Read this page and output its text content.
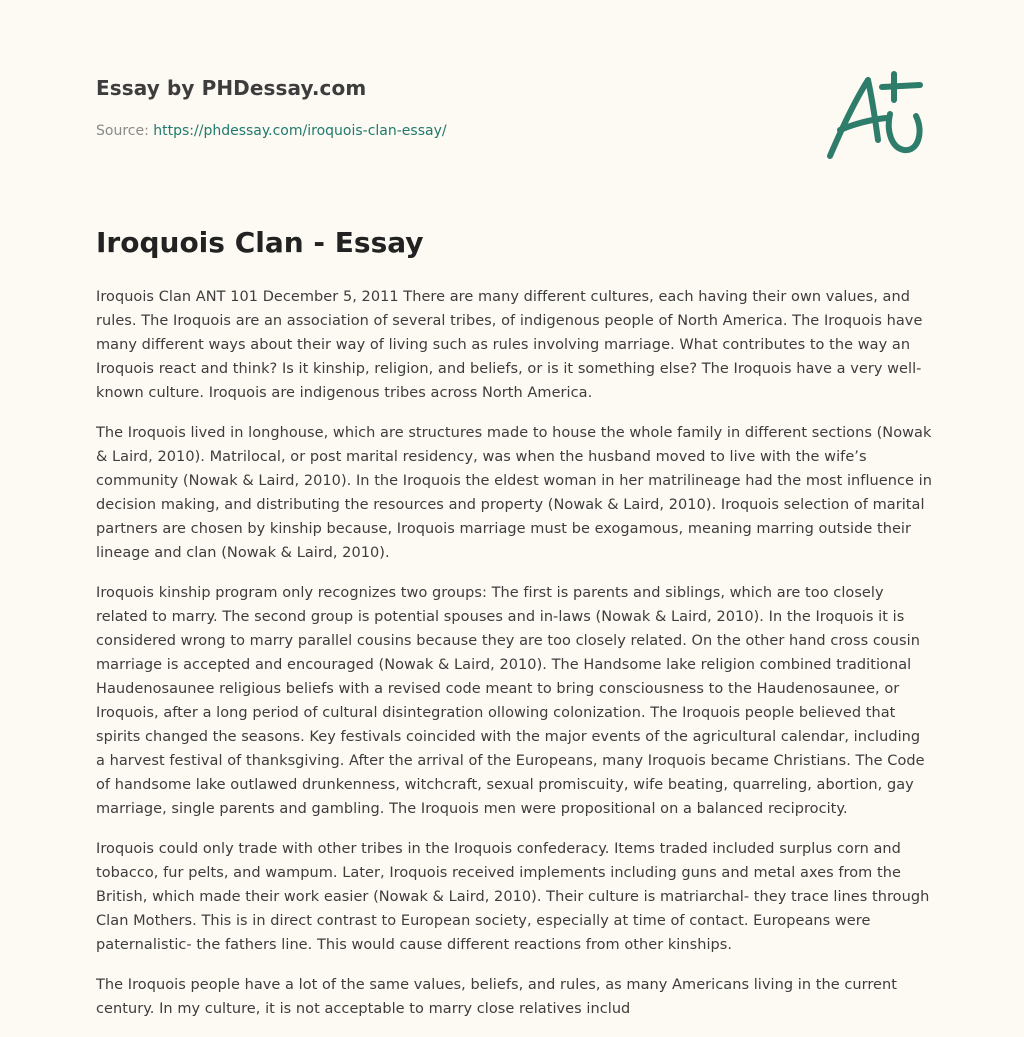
Essay by PHDessay.com
Source: https://phdessay.com/iroquois-clan-essay/
Iroquois Clan - Essay

Iroquois Clan ANT 101 December 5, 2011 There are many different cultures, each having their own values, and rules. The Iroquois are an association of several tribes, of indigenous people of North America. The Iroquois have many different ways about their way of living such as rules involving marriage. What contributes to the way an Iroquois react and think? Is it kinship, religion, and beliefs, or is it something else? The Iroquois have a very well-known culture. Iroquois are indigenous tribes across North America.

The Iroquois lived in longhouse, which are structures made to house the whole family in different sections (Nowak & Laird, 2010). Matrilocal, or post marital residency, was when the husband moved to live with the wife’s community (Nowak & Laird, 2010). In the Iroquois the eldest woman in her matrilineage had the most influence in decision making, and distributing the resources and property (Nowak & Laird, 2010). Iroquois selection of marital partners are chosen by kinship because, Iroquois marriage must be exogamous, meaning marring outside their lineage and clan (Nowak & Laird, 2010).

Iroquois kinship program only recognizes two groups: The first is parents and siblings, which are too closely related to marry. The second group is potential spouses and in-laws (Nowak & Laird, 2010). In the Iroquois it is considered wrong to marry parallel cousins because they are too closely related. On the other hand cross cousin marriage is accepted and encouraged (Nowak & Laird, 2010). The Handsome lake religion combined traditional Haudenosaunee religious beliefs with a revised code meant to bring consciousness to the Haudenosaunee, or Iroquois, after a long period of cultural disintegration ollowing colonization. The Iroquois people believed that spirits changed the seasons. Key festivals coincided with the major events of the agricultural calendar, including a harvest festival of thanksgiving. After the arrival of the Europeans, many Iroquois became Christians. The Code of handsome lake outlawed drunkenness, witchcraft, sexual promiscuity, wife beating, quarreling, abortion, gay marriage, single parents and gambling. The Iroquois men were propositional on a balanced reciprocity.

Iroquois could only trade with other tribes in the Iroquois confederacy. Items traded included surplus corn and tobacco, fur pelts, and wampum. Later, Iroquois received implements including guns and metal axes from the British, which made their work easier (Nowak & Laird, 2010). Their culture is matriarchal- they trace lines through Clan Mothers. This is in direct contrast to European society, especially at time of contact. Europeans were paternalistic- the fathers line. This would cause different reactions from other kinships.

The Iroquois people have a lot of the same values, beliefs, and rules, as many Americans living in the current century. In my culture, it is not acceptable to marry close relatives includ
